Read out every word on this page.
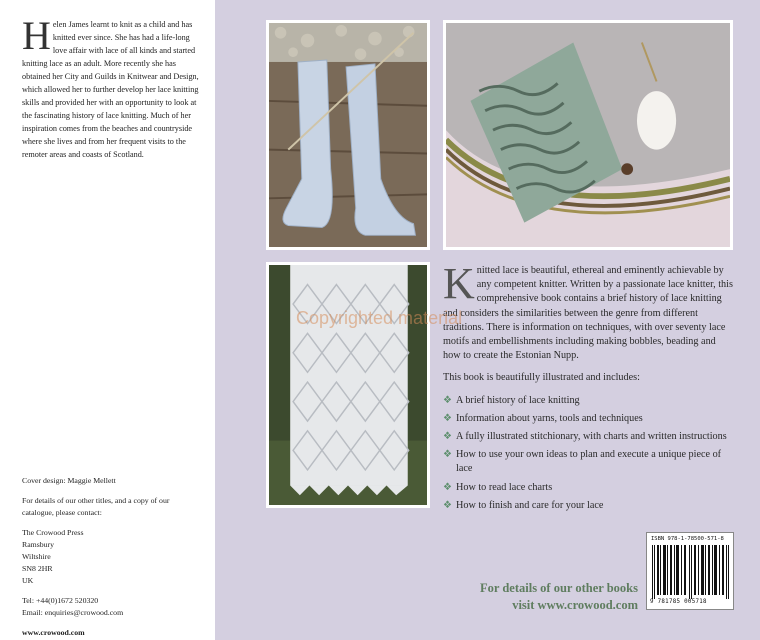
Helen James learnt to knit as a child and has knitted ever since. She has had a life-long love affair with lace of all kinds and started knitting lace as an adult. More recently she has obtained her City and Guilds in Knitwear and Design, which allowed her to further develop her lace knitting skills and provided her with an opportunity to look at the fascinating history of lace knitting. Much of her inspiration comes from the beaches and countryside where she lives and from her frequent visits to the remoter areas and coasts of Scotland.
Cover design: Maggie Mellett
For details of our other titles, and a copy of our catalogue, please contact:
The Crowood Press
Ramsbury
Wiltshire
SN8 2HR
UK
Tel: +44(0)1672 520320
Email: enquiries@crowood.com
www.crowood.com
Knitted lace is beautiful, ethereal and eminently achievable by any competent knitter. Written by a passionate lace knitter, this comprehensive book contains a brief history of lace knitting and considers the similarities between the genre from different traditions. There is information on techniques, with over seventy lace motifs and embellishments including making bobbles, beading and how to create the Estonian Nupp.

This book is beautifully illustrated and includes:

❖ A brief history of lace knitting
❖ Information about yarns, tools and techniques
❖ A fully illustrated stitchionary, with charts and written instructions
❖ How to use your own ideas to plan and execute a unique piece of lace
❖ How to read lace charts
❖ How to finish and care for your lace
Copyrighted material
For details of our other books
visit www.crowood.com
ISBN 978-1-78500-571-8
9 781785 005718
